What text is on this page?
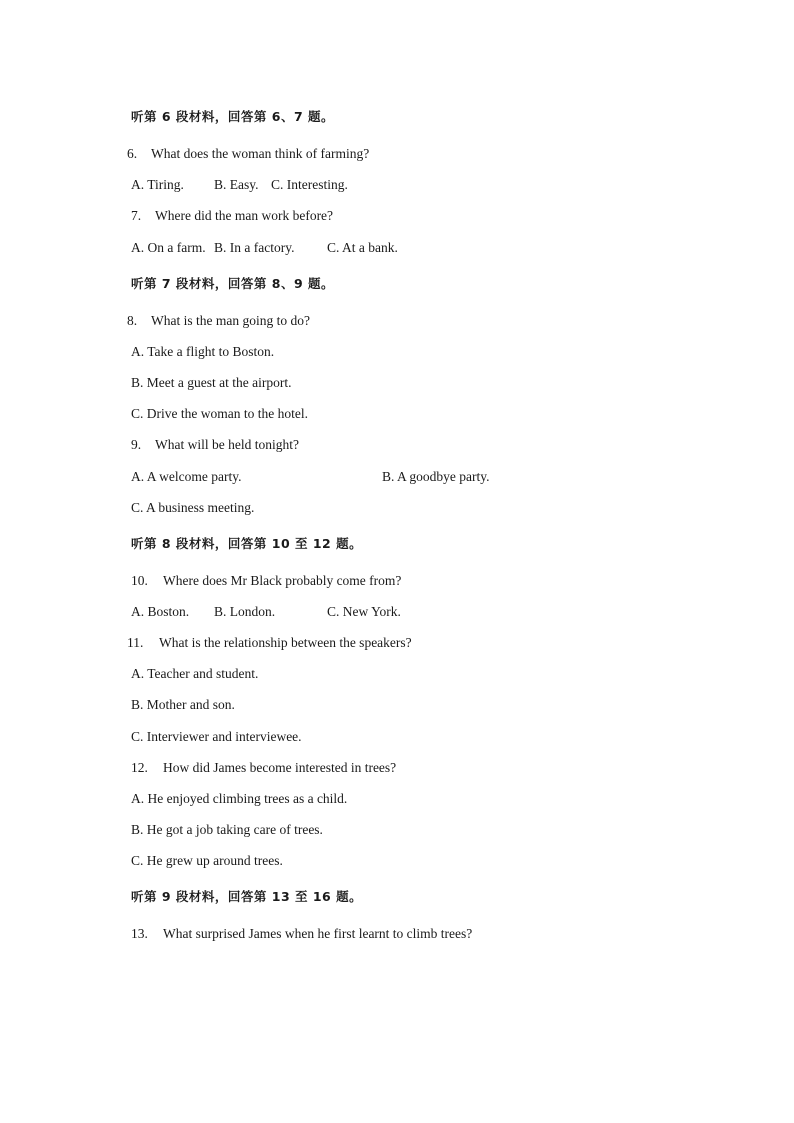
听第 6 段材料，回答第 6、7 题。
6. What does the woman think of farming?
A. Tiring. B. Easy. C. Interesting.
7. Where did the man work before?
A. On a farm. B. In a factory. C. At a bank.
听第 7 段材料，回答第 8、9 题。
8. What is the man going to do?
A. Take a flight to Boston.
B. Meet a guest at the airport.
C. Drive the woman to the hotel.
9. What will be held tonight?
A. A welcome party.	B. A goodbye party.
C. A business meeting.
听第 8 段材料，回答第 10 至 12 题。
10. Where does Mr Black probably come from?
A. Boston. B. London.	C. New York.
11. What is the relationship between the speakers?
A. Teacher and student.
B. Mother and son.
C. Interviewer and interviewee.
12. How did James become interested in trees?
A. He enjoyed climbing trees as a child.
B. He got a job taking care of trees.
C. He grew up around trees.
听第 9 段材料，回答第 13 至 16 题。
13. What surprised James when he first learnt to climb trees?
